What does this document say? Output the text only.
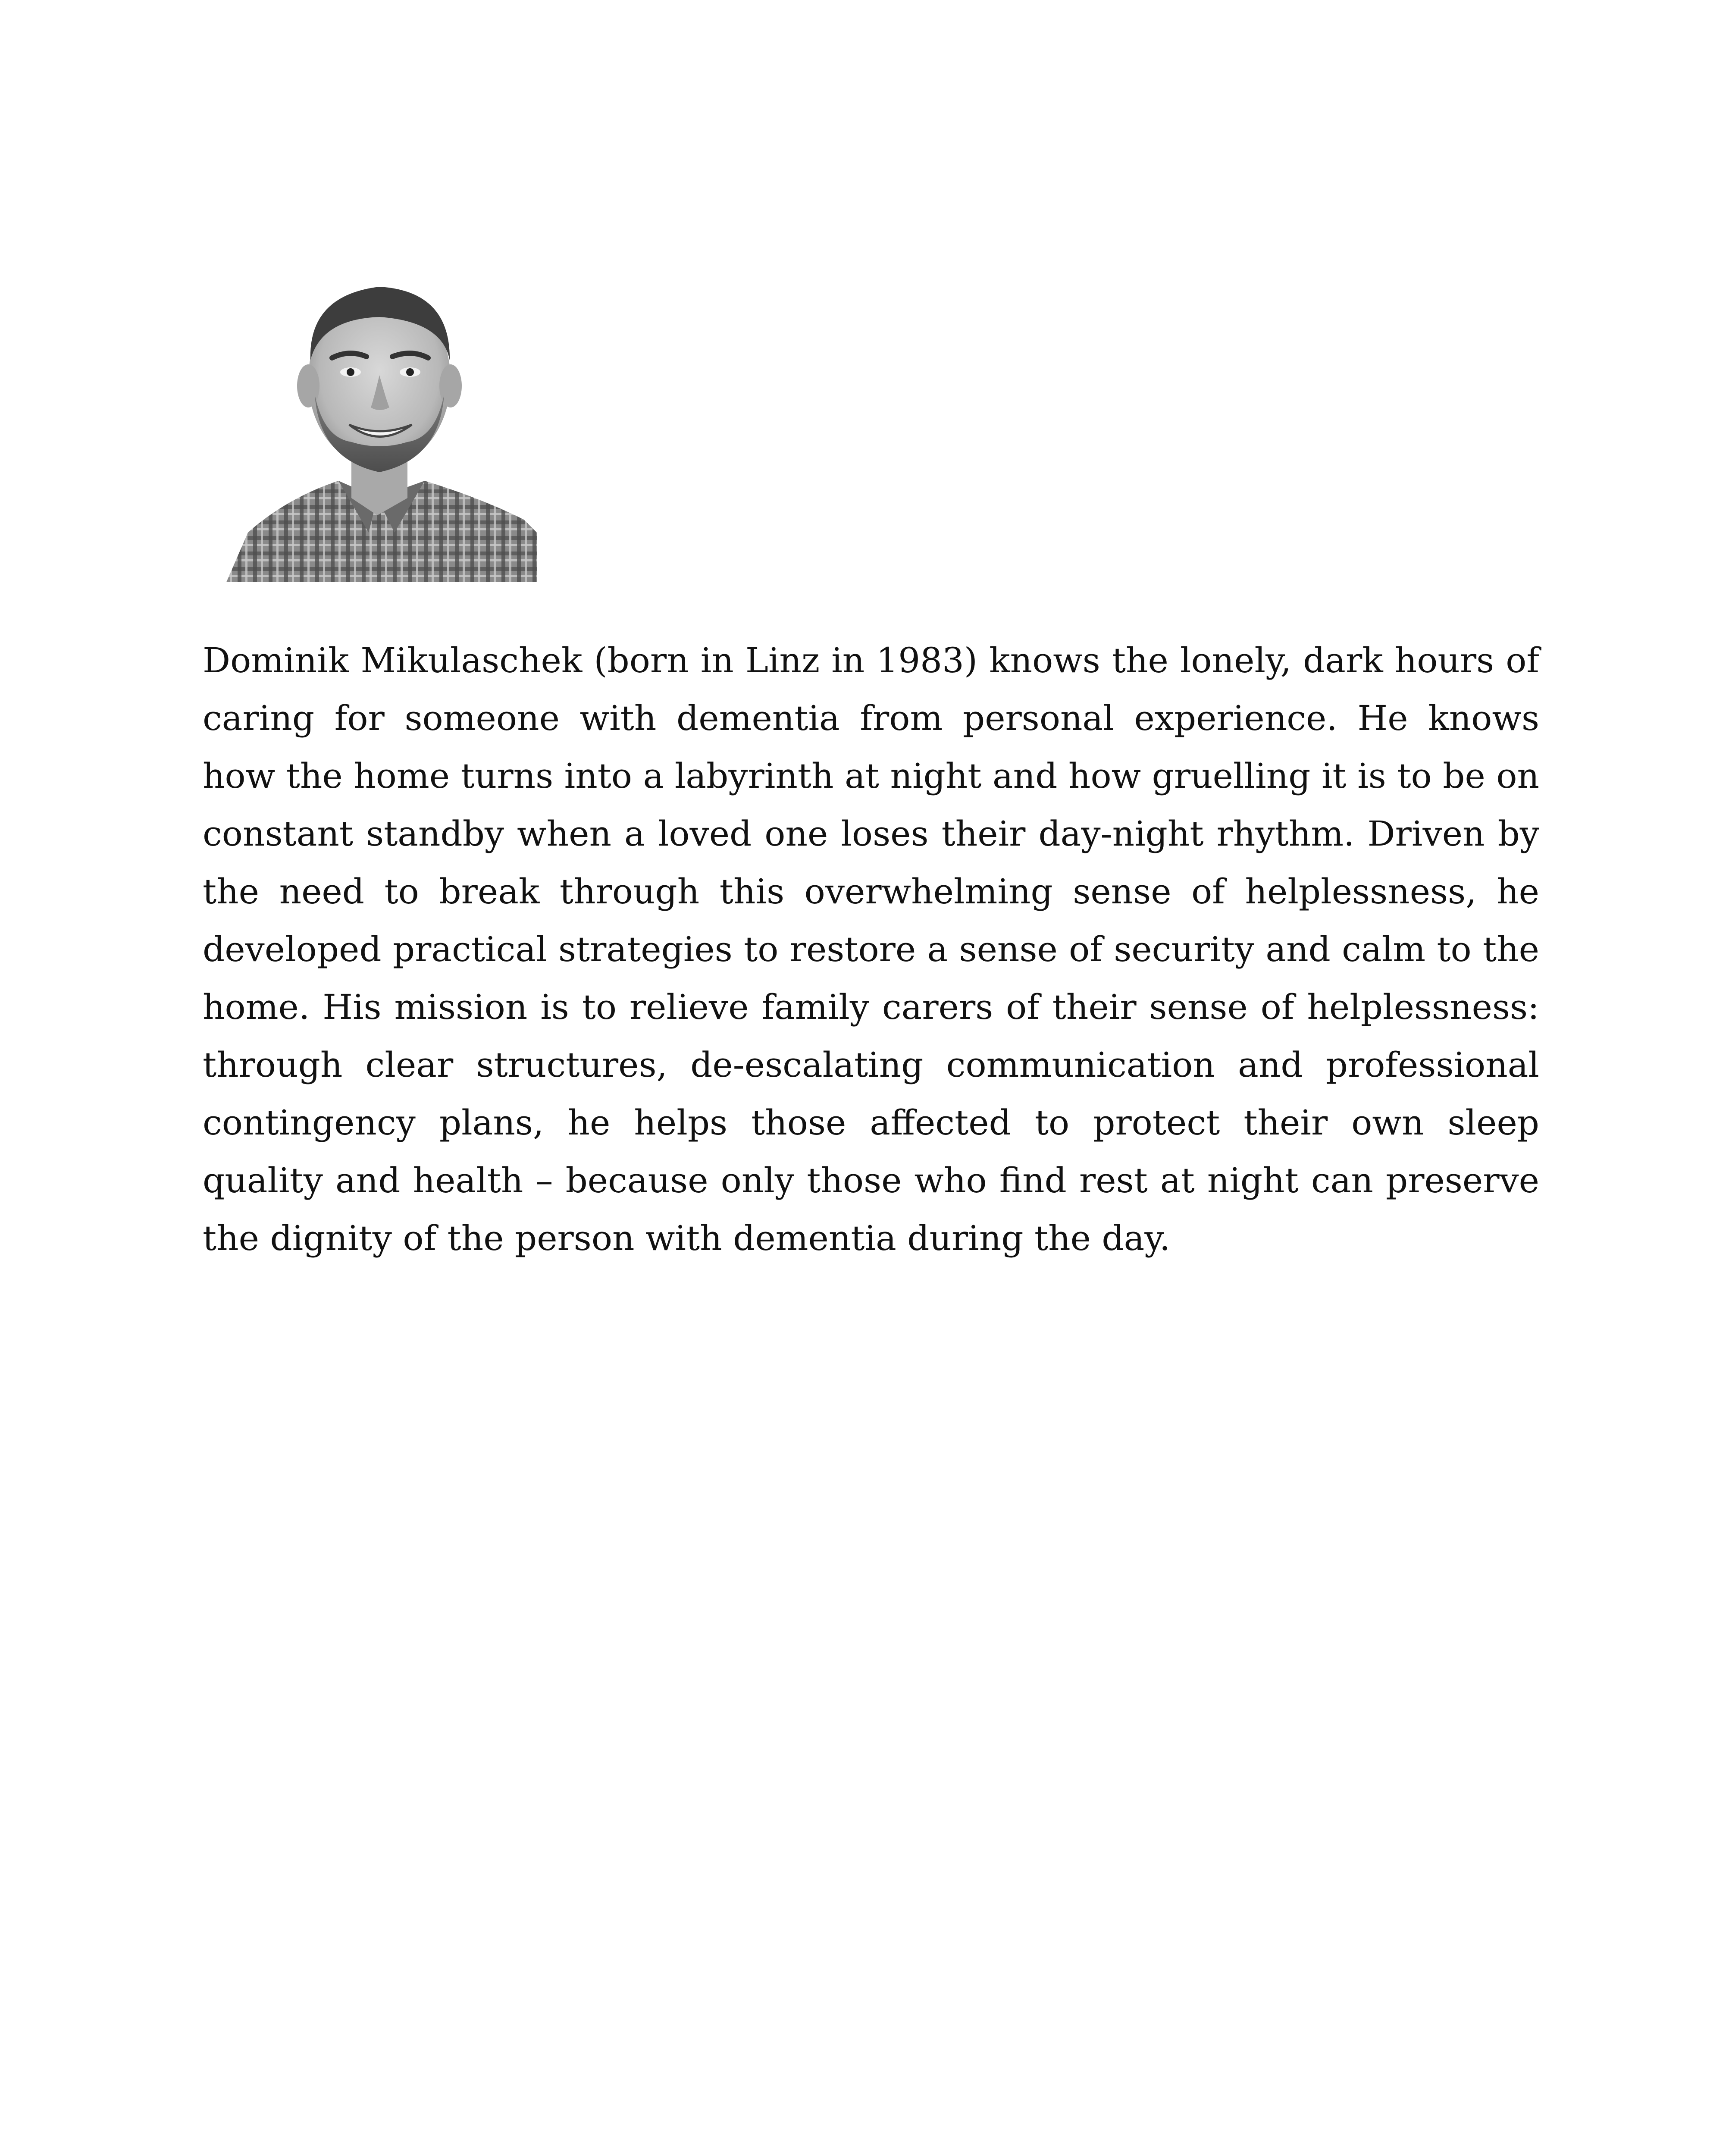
Dominik Mikulaschek (born in Linz in 1983) knows the lonely, dark hours of caring for someone with dementia from personal experience. He knows how the home turns into a labyrinth at night and how gruelling it is to be on constant standby when a loved one loses their day-night rhythm. Driven by the need to break through this overwhelming sense of helplessness, he developed practical strategies to restore a sense of security and calm to the home. His mission is to relieve family carers of their sense of helplessness: through clear structures, de-escalating communication and professional contingency plans, he helps those affected to protect their own sleep quality and health – because only those who find rest at night can preserve the dignity of the person with dementia during the day.
